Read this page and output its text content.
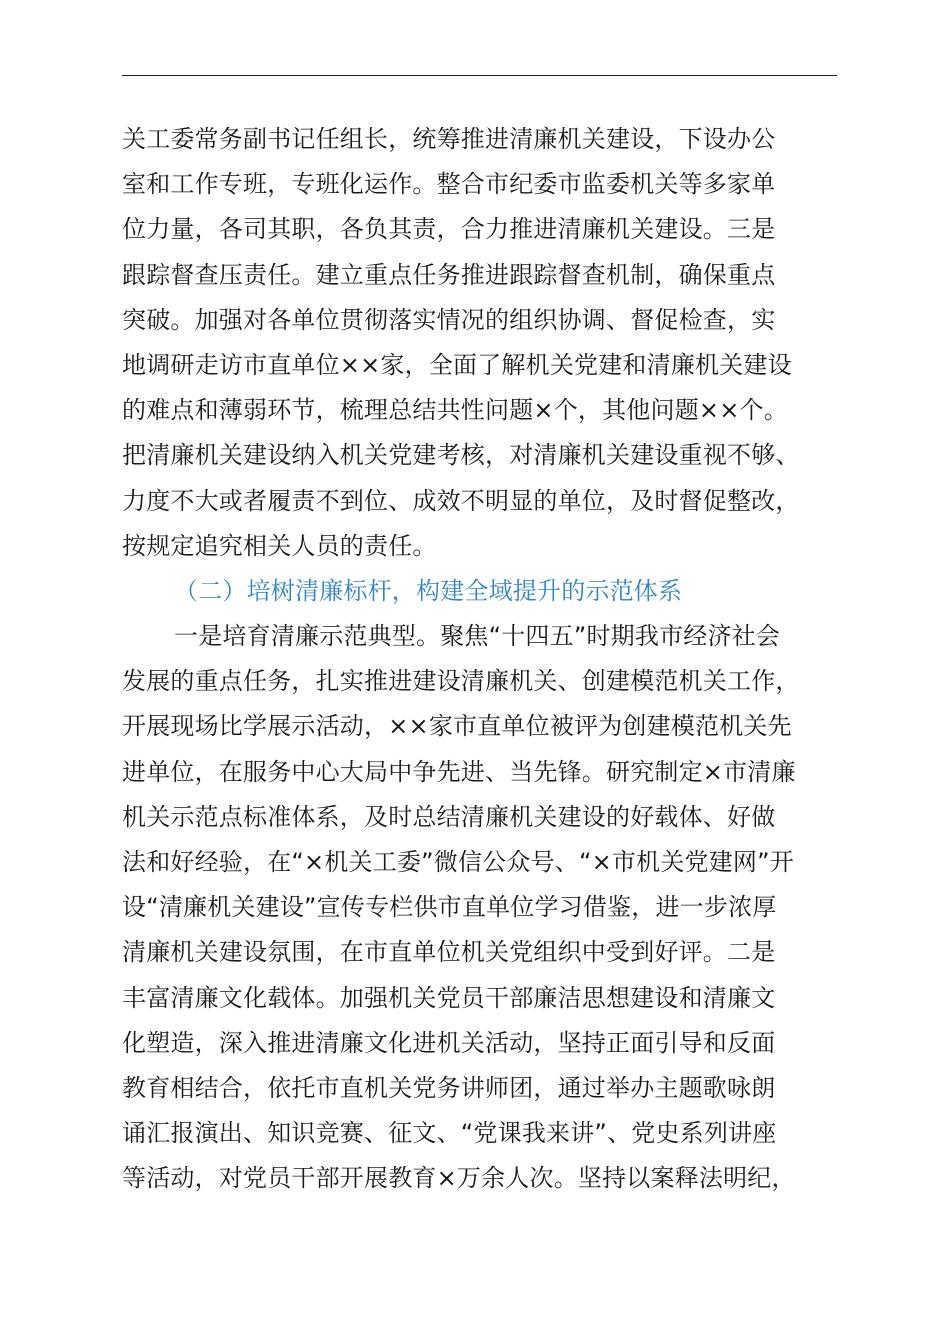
关工委常务副书记任组长，统筹推进清廉机关建设，下设办公
室和工作专班，专班化运作。整合市纪委市监委机关等多家单
位力量，各司其职，各负其责，合力推进清廉机关建设。三是
跟踪督查压责任。建立重点任务推进跟踪督查机制，确保重点
突破。加强对各单位贯彻落实情况的组织协调、督促检查，实
地调研走访市直单位××家，全面了解机关党建和清廉机关建设
的难点和薄弱环节，梳理总结共性问题×个，其他问题××个。
把清廉机关建设纳入机关党建考核，对清廉机关建设重视不够、
力度不大或者履责不到位、成效不明显的单位，及时督促整改，
按规定追究相关人员的责任。
（二）培树清廉标杆，构建全域提升的示范体系
一是培育清廉示范典型。聚焦“十四五”时期我市经济社会
发展的重点任务，扎实推进建设清廉机关、创建模范机关工作，
开展现场比学展示活动，××家市直单位被评为创建模范机关先
进单位，在服务中心大局中争先进、当先锋。研究制定×市清廉
机关示范点标准体系，及时总结清廉机关建设的好载体、好做
法和好经验，在“×机关工委”微信公众号、“×市机关党建网”开
设“清廉机关建设”宣传专栏供市直单位学习借鉴，进一步浓厚
清廉机关建设氛围，在市直单位机关党组织中受到好评。二是
丰富清廉文化载体。加强机关党员干部廉洁思想建设和清廉文
化塑造，深入推进清廉文化进机关活动，坚持正面引导和反面
教育相结合，依托市直机关党务讲师团，通过举办主题歌咏朗
诵汇报演出、知识竞赛、征文、“党课我来讲”、党史系列讲座
等活动，对党员干部开展教育×万余人次。坚持以案释法明纪，
